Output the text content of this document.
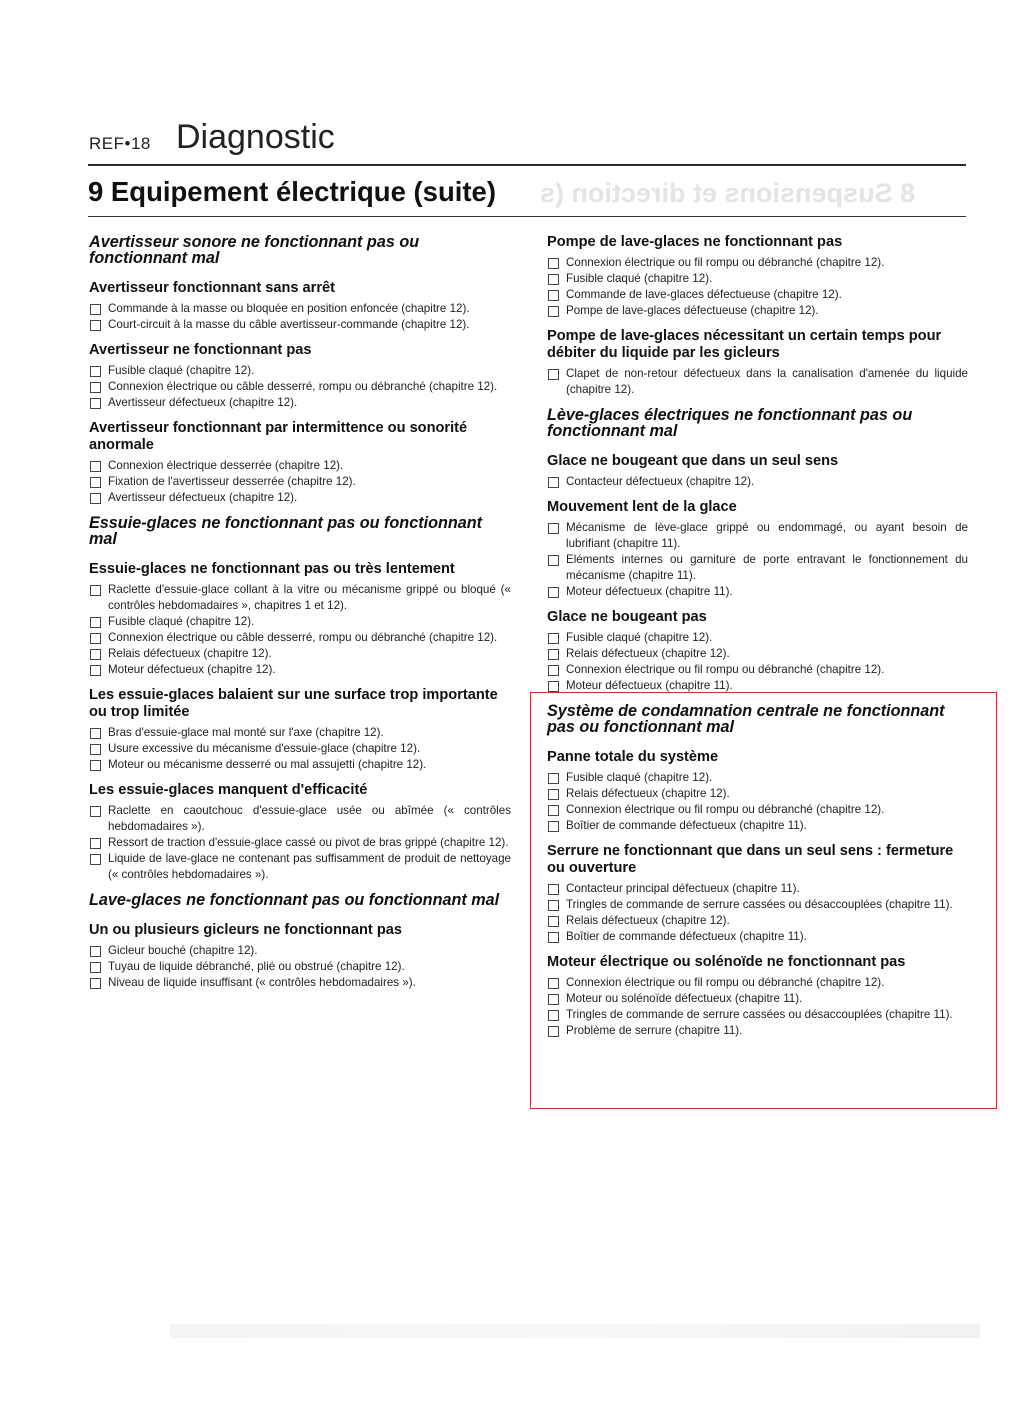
8 Suspensions et direction (s
REF•18 Diagnostic
9 Equipement électrique (suite)
Avertisseur sonore ne fonctionnant pas ou fonctionnant mal
Avertisseur fonctionnant sans arrêt
Commande à la masse ou bloquée en position enfoncée (chapitre 12).
Court-circuit à la masse du câble avertisseur-commande (chapitre 12).
Avertisseur ne fonctionnant pas
Fusible claqué (chapitre 12).
Connexion électrique ou câble desserré, rompu ou débranché (chapitre 12).
Avertisseur défectueux (chapitre 12).
Avertisseur fonctionnant par intermittence ou sonorité anormale
Connexion électrique desserrée (chapitre 12).
Fixation de l'avertisseur desserrée (chapitre 12).
Avertisseur défectueux (chapitre 12).
Essuie-glaces ne fonctionnant pas ou fonctionnant mal
Essuie-glaces ne fonctionnant pas ou très lentement
Raclette d'essuie-glace collant à la vitre ou mécanisme grippé ou bloqué (« contrôles hebdomadaires », chapitres 1 et 12).
Fusible claqué (chapitre 12).
Connexion électrique ou câble desserré, rompu ou débranché (chapitre 12).
Relais défectueux (chapitre 12).
Moteur défectueux (chapitre 12).
Les essuie-glaces balaient sur une surface trop importante ou trop limitée
Bras d'essuie-glace mal monté sur l'axe (chapitre 12).
Usure excessive du mécanisme d'essuie-glace (chapitre 12).
Moteur ou mécanisme desserré ou mal assujetti (chapitre 12).
Les essuie-glaces manquent d'efficacité
Raclette en caoutchouc d'essuie-glace usée ou abîmée (« contrôles hebdomadaires »).
Ressort de traction d'essuie-glace cassé ou pivot de bras grippé (chapitre 12).
Liquide de lave-glace ne contenant pas suffisamment de produit de nettoyage (« contrôles hebdomadaires »).
Lave-glaces ne fonctionnant pas ou fonctionnant mal
Un ou plusieurs gicleurs ne fonctionnant pas
Gicleur bouché (chapitre 12).
Tuyau de liquide débranché, plié ou obstrué (chapitre 12).
Niveau de liquide insuffisant (« contrôles hebdomadaires »).
Pompe de lave-glaces ne fonctionnant pas
Connexion électrique ou fil rompu ou débranché (chapitre 12).
Fusible claqué (chapitre 12).
Commande de lave-glaces défectueuse (chapitre 12).
Pompe de lave-glaces défectueuse (chapitre 12).
Pompe de lave-glaces nécessitant un certain temps pour débiter du liquide par les gicleurs
Clapet de non-retour défectueux dans la canalisation d'amenée du liquide (chapitre 12).
Lève-glaces électriques ne fonctionnant pas ou fonctionnant mal
Glace ne bougeant que dans un seul sens
Contacteur défectueux (chapitre 12).
Mouvement lent de la glace
Mécanisme de lève-glace grippé ou endommagé, ou ayant besoin de lubrifiant (chapitre 11).
Eléments internes ou garniture de porte entravant le fonctionnement du mécanisme (chapitre 11).
Moteur défectueux (chapitre 11).
Glace ne bougeant pas
Fusible claqué (chapitre 12).
Relais défectueux (chapitre 12).
Connexion électrique ou fil rompu ou débranché (chapitre 12).
Moteur défectueux (chapitre 11).
Système de condamnation centrale ne fonctionnant pas ou fonctionnant mal
Panne totale du système
Fusible claqué (chapitre 12).
Relais défectueux (chapitre 12).
Connexion électrique ou fil rompu ou débranché (chapitre 12).
Boîtier de commande défectueux (chapitre 11).
Serrure ne fonctionnant que dans un seul sens : fermeture ou ouverture
Contacteur principal défectueux (chapitre 11).
Tringles de commande de serrure cassées ou désaccouplées (chapitre 11).
Relais défectueux (chapitre 12).
Boîtier de commande défectueux (chapitre 11).
Moteur électrique ou solénoïde ne fonctionnant pas
Connexion électrique ou fil rompu ou débranché (chapitre 12).
Moteur ou solénoïde défectueux (chapitre 11).
Tringles de commande de serrure cassées ou désaccouplées (chapitre 11).
Problème de serrure (chapitre 11).
